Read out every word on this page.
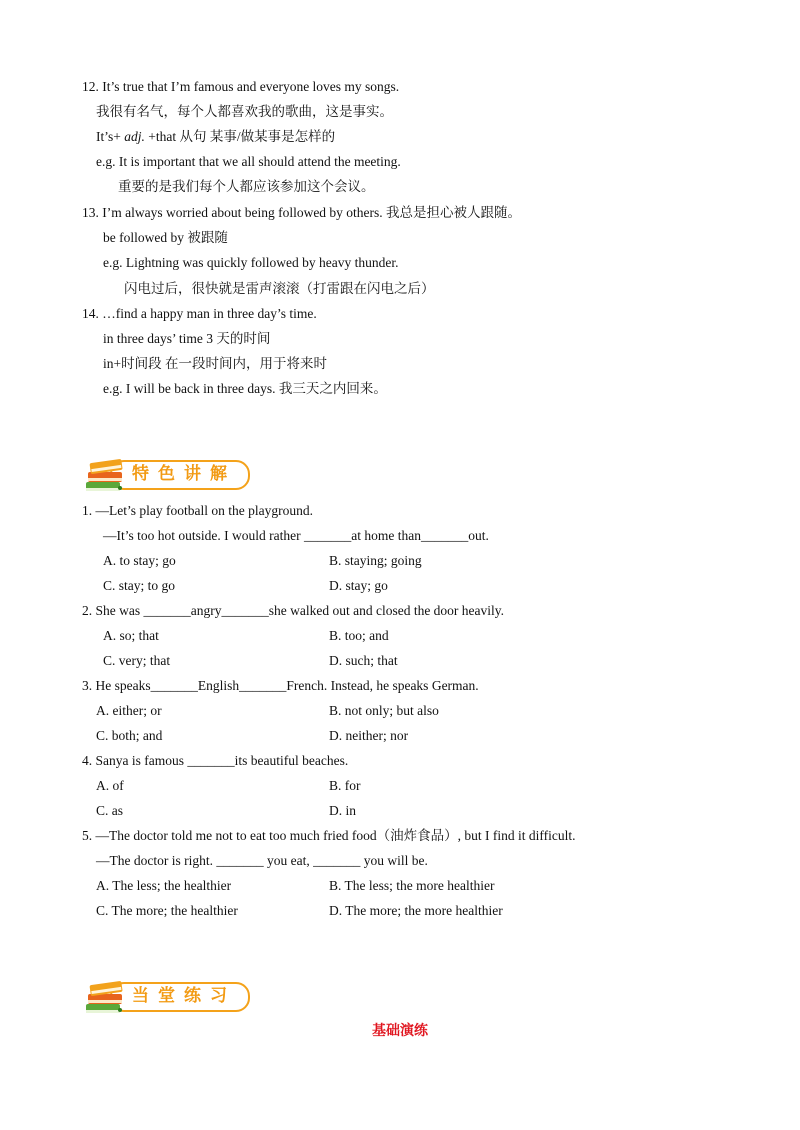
12. It’s true that I’m famous and everyone loves my songs.
我很有名气，每个人都喜欢我的歌曲，这是事实。
It’s+ adj. +that 从句 某事/做某事是怎样的
e.g. It is important that we all should attend the meeting.
重要的是我们每个人都应该参加这个会议。
13. I’m always worried about being followed by others. 我总是担心被人跟随。
be followed by 被跟随
e.g. Lightning was quickly followed by heavy thunder.
闪电过后，很快就是雷声滚滚（打雷跟在闪电之后）
14. …find a happy man in three day’s time.
in three days’ time 3 天的时间
in+时间段 在一段时间内，用于将来时
e.g. I will be back in three days. 我三天之内回来。
特色讲解
1. —Let’s play football on the playground.
—It’s too hot outside. I would rather _______at home than_______out.
A. to stay; go	B. staying; going
C. stay; to go	D. stay; go
2. She was _______angry_______she walked out and closed the door heavily.
A. so; that	B. too; and
C. very; that	D. such; that
3. He speaks_______English_______French. Instead, he speaks German.
A. either; or	B. not only; but also
C. both; and	D. neither; nor
4. Sanya is famous _______its beautiful beaches.
A. of	B. for
C. as	D. in
5. —The doctor told me not to eat too much fried food（油炸食品）, but I find it difficult.
—The doctor is right. _______ you eat, _______ you will be.
A. The less; the healthier	B. The less; the more healthier
C. The more; the healthier	D. The more; the more healthier
当堂练习
基础演练
